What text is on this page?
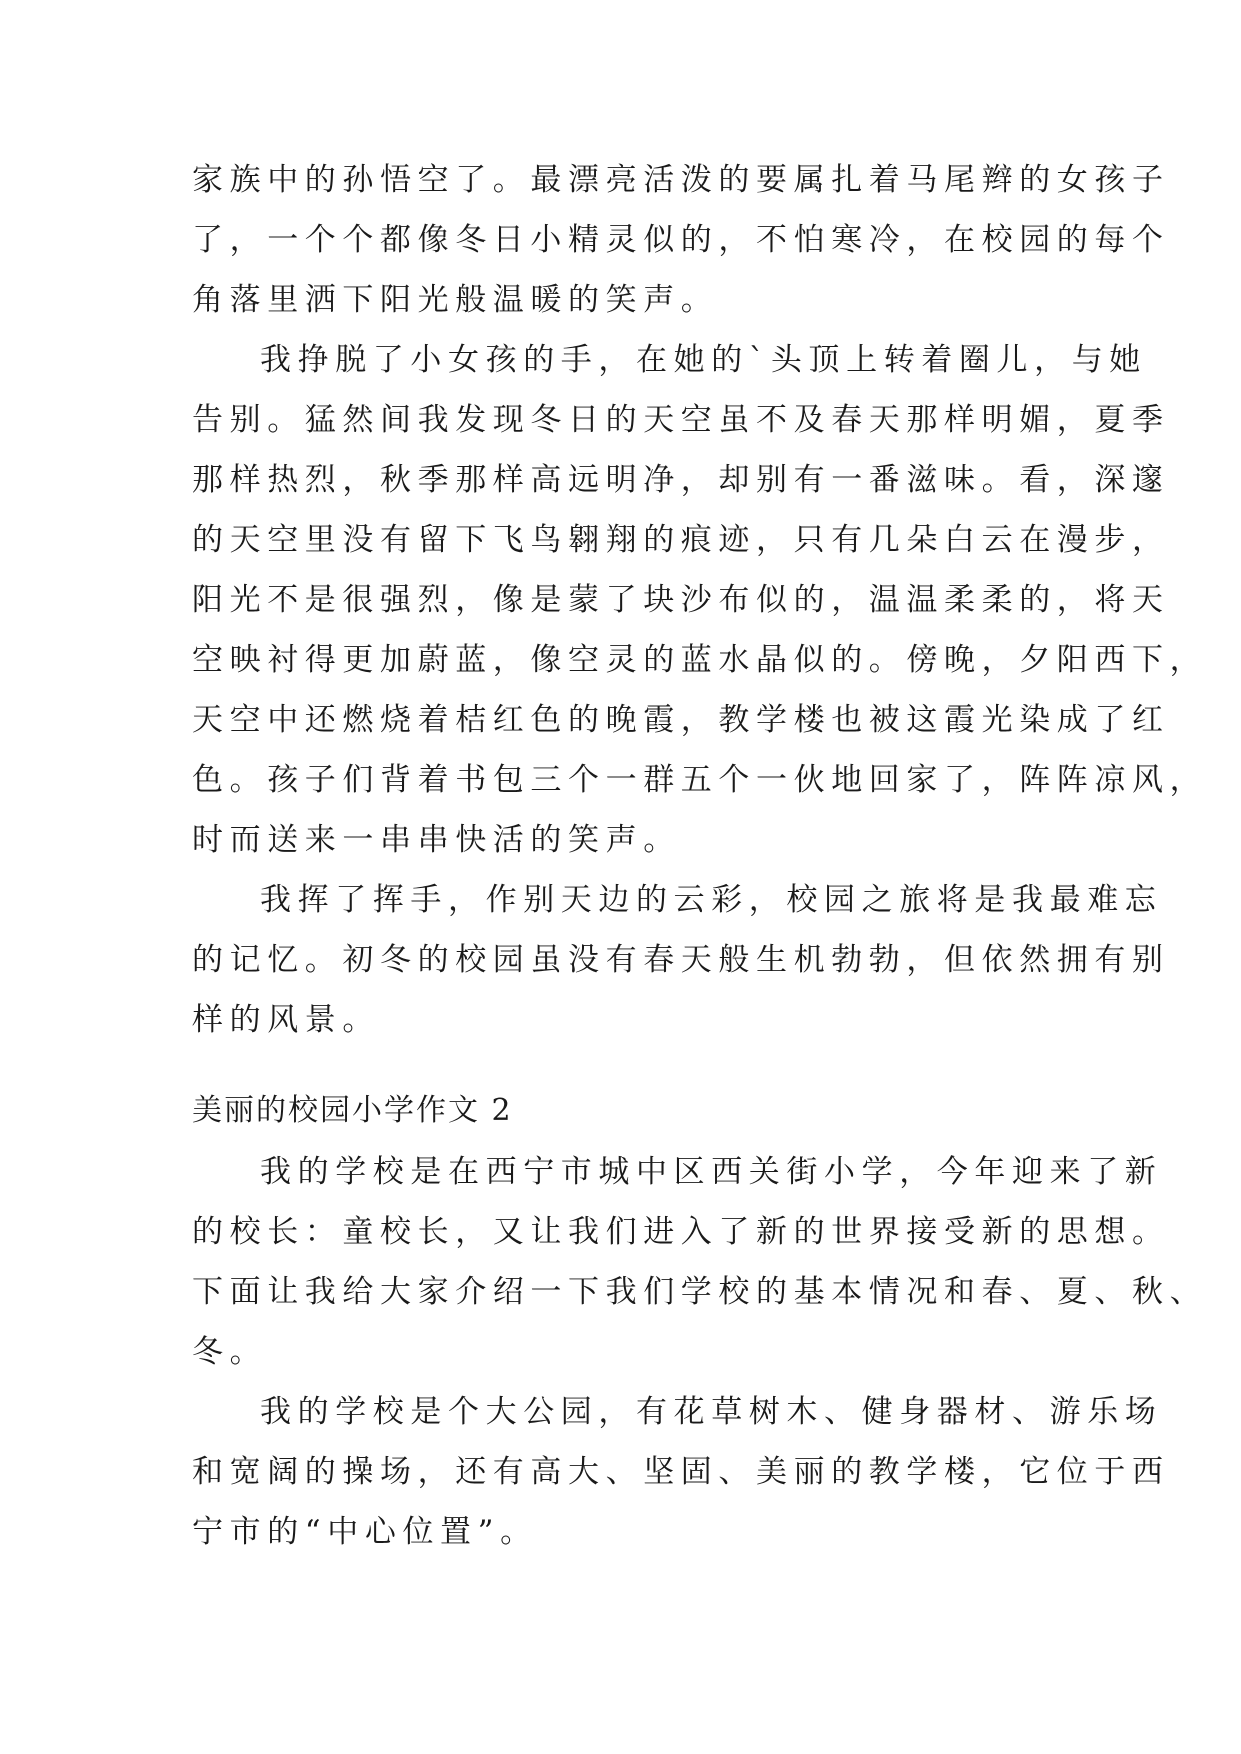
家族中的孙悟空了。最漂亮活泼的要属扎着马尾辫的女孩子
了，一个个都像冬日小精灵似的，不怕寒冷，在校园的每个
角落里洒下阳光般温暖的笑声。

我挣脱了小女孩的手，在她的`头顶上转着圈儿，与她
告别。猛然间我发现冬日的天空虽不及春天那样明媚，夏季
那样热烈，秋季那样高远明净，却别有一番滋味。看，深邃
的天空里没有留下飞鸟翱翔的痕迹，只有几朵白云在漫步，
阳光不是很强烈，像是蒙了块沙布似的，温温柔柔的，将天
空映衬得更加蔚蓝，像空灵的蓝水晶似的。傍晚，夕阳西下，
天空中还燃烧着桔红色的晚霞，教学楼也被这霞光染成了红
色。孩子们背着书包三个一群五个一伙地回家了，阵阵凉风，
时而送来一串串快活的笑声。

我挥了挥手，作别天边的云彩，校园之旅将是我最难忘
的记忆。初冬的校园虽没有春天般生机勃勃，但依然拥有别
样的风景。

美丽的校园小学作文 2

我的学校是在西宁市城中区西关街小学，今年迎来了新
的校长：童校长，又让我们进入了新的世界接受新的思想。
下面让我给大家介绍一下我们学校的基本情况和春、夏、秋、
冬。

我的学校是个大公园，有花草树木、健身器材、游乐场
和宽阔的操场，还有高大、坚固、美丽的教学楼，它位于西
宁市的“中心位置”。
